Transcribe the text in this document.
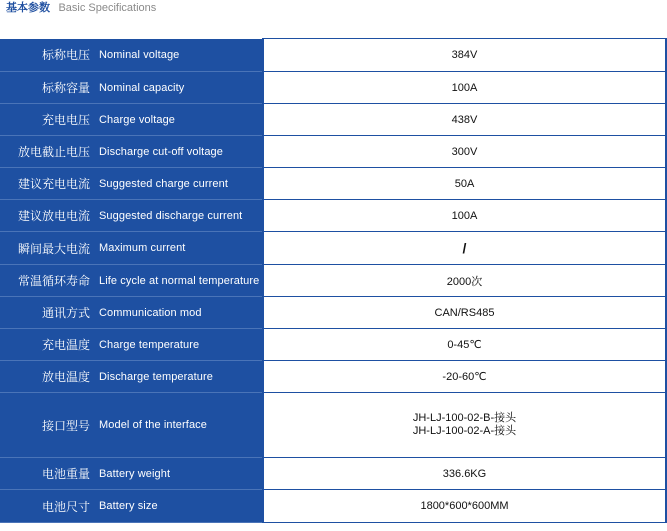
基本参数 Basic Specifications
标称电压 Nominal voltage	384V

标称容量 Nominal capacity	100A

充电电压 Charge voltage	438V

放电截止电压 Discharge cut-off voltage	300V

建议充电电流 Suggested charge current	50A

建议放电电流 Suggested discharge current	100A

瞬间最大电流 Maximum current	/

常温循环寿命 Life cycle at normal temperature	2000次

通讯方式 Communication mod	CAN/RS485

充电温度 Charge temperature	0-45℃

放电温度 Discharge temperature	-20-60℃

接口型号 Model of the interface	JH-LJ-100-02-B-接头
JH-LJ-100-02-A-接头

电池重量 Battery weight	336.6KG

电池尺寸 Battery size	1800*600*600MM
